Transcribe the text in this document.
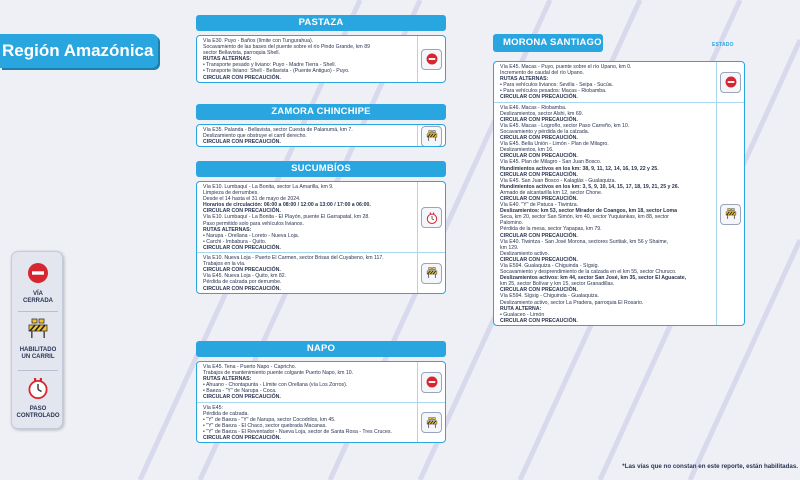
Región Amazónica
VÍA
CERRADA
HABILITADO
UN CARRIL
PASO
CONTROLADO
PASTAZA
Vía E30. Puyo - Baños (límite con Tungurahua).
Socavamiento de las bases del puente sobre el río Pindo Grande, km 89
sector Bellavista, parroquia Shell.
RUTAS ALTERNAS:
• Transporte pesado y liviano: Puyo - Madre Tierra - Shell.
• Transporte liviano: Shell - Bellavista - (Puente Antiguo) - Puyo.
CIRCULAR CON PRECAUCIÓN.
ESTADO
ZAMORA CHINCHIPE
Vía E35. Palanda - Bellavista, sector Cuesta de Palanumá, km 7.
Deslizamiento que obstruye el carril derecho.
CIRCULAR CON PRECAUCIÓN.
SUCUMBÍOS
Vía E10. Lumbaquí - La Bonita, sector La Amarilla, km 9.
Limpieza de derrumbes.
Desde el 14 hasta el 31 de mayo de 2024.
Horarios de circulación: 06:00 a 08:00 / 12:00 a 13:00 / 17:00 a 06:00.
CIRCULAR CON PRECAUCIÓN.
Vía E10. Lumbaquí - La Bonita - El Playón, puente El Garrapatal, km 28.
Paso permitido solo para vehículos livianos.
RUTAS ALTERNAS:
• Narupa - Orellana - Loreto - Nueva Loja.
• Carchi - Imbabura - Quito.
CIRCULAR CON PRECAUCIÓN.
Vía E10. Nueva Loja - Puerto El Carmen, sector Brisas del Cuyabeno, km 117.
Trabajos en la vía.
CIRCULAR CON PRECAUCIÓN.
Vía E45. Nueva Loja - Quito, km 82.
Pérdida de calzada por derrumbe.
CIRCULAR CON PRECAUCIÓN.
NAPO
Vía E45. Tena - Puerto Napo - Capricho.
Trabajos de mantenimiento puente colgante Puerto Napo, km 10.
RUTAS ALTERNAS:
• Ahuano - Chontapunta - Límite con Orellana (vía Los Zorros).
• Baeza - "Y" de Narupa - Coca.
CIRCULAR CON PRECAUCIÓN.
Vía E45:
Pérdida de calzada.
• "Y" de Baeza - "Y" de Narupa, sector Cocodrilos, km 45.
• "Y" de Baeza - El Chaco, sector quebrada Macanas.
• "Y" de Baeza - El Reventador - Nueva Loja, sector de Santa Rosa - Tres Cruces.
CIRCULAR CON PRECAUCIÓN.
MORONA SANTIAGO
Vía E45. Macas - Puyo, puente sobre el río Upano, km 0.
Incremento de caudal del río Upano.
RUTAS ALTERNAS:
• Para vehículos livianos: Sevilla - Seipa - Sucúa.
• Para vehículos pesados: Macas - Riobamba.
CIRCULAR CON PRECAUCIÓN.
Vía E46. Macas - Riobamba.
Deslizamientos, sector Alshi, km 69.
CIRCULAR CON PRECAUCIÓN.
Vía E45. Macas - Logroño, sector Paso Carreño, km 10.
Socavamiento y pérdida de la calzada.
CIRCULAR CON PRECAUCIÓN.
Vía E45. Bella Unión - Limón - Plan de Milagro.
Deslizamientos, km 16.
CIRCULAR CON PRECAUCIÓN.
Vía E45. Plan de Milagro - San Juan Bosco.
Hundimientos activos en los km: 38, 9, 11, 12, 14, 16, 19, 22 y 25.
CIRCULAR CON PRECAUCIÓN.
Vía E45. San Juan Bosco - Kalaglás - Gualaquiza.
Hundimientos activos en los km: 3, 5, 9, 10, 14, 15, 17, 18, 19, 21, 25 y 26.
Armado de alcantarilla km 12, sector Chone.
CIRCULAR CON PRECAUCIÓN.
Vía E40. "Y" de Patuca - Tiwintza.
Deslizamientos: km 53, sector Mirador de Coangos, km 18, sector Loma
Seca, km 20, sector San Simón, km 40, sector Yuquiankas, km 88, sector
Palomino.
Pérdida de la mesa, sector Yapapas, km 79.
CIRCULAR CON PRECAUCIÓN.
Vía E40. Tiwintza - San José Morona, sectores Suritiak, km 56 y Shaime,
km 129.
Deslizamiento activo.
CIRCULAR CON PRECAUCIÓN.
Vía E594. Gualaquiza - Chiguinda - Sígsig.
Socavamiento y desprendimiento de la calzada en el km 55, sector Churuco.
Deslizamientos activos: km 44, sector San José, km 35, sector El Aguacate,
km 25, sector Bolívar y km 15, sector Granadillas.
CIRCULAR CON PRECAUCIÓN.
Vía E594. Sígsig - Chiguinda - Gualaquiza.
Deslizamiento activo, sector La Pradera, parroquia El Rosario.
RUTA ALTERNA:
• Gualaceo - Limón
CIRCULAR CON PRECAUCIÓN.
ESTADO
*Las vías que no constan en este reporte, están habilitadas.
